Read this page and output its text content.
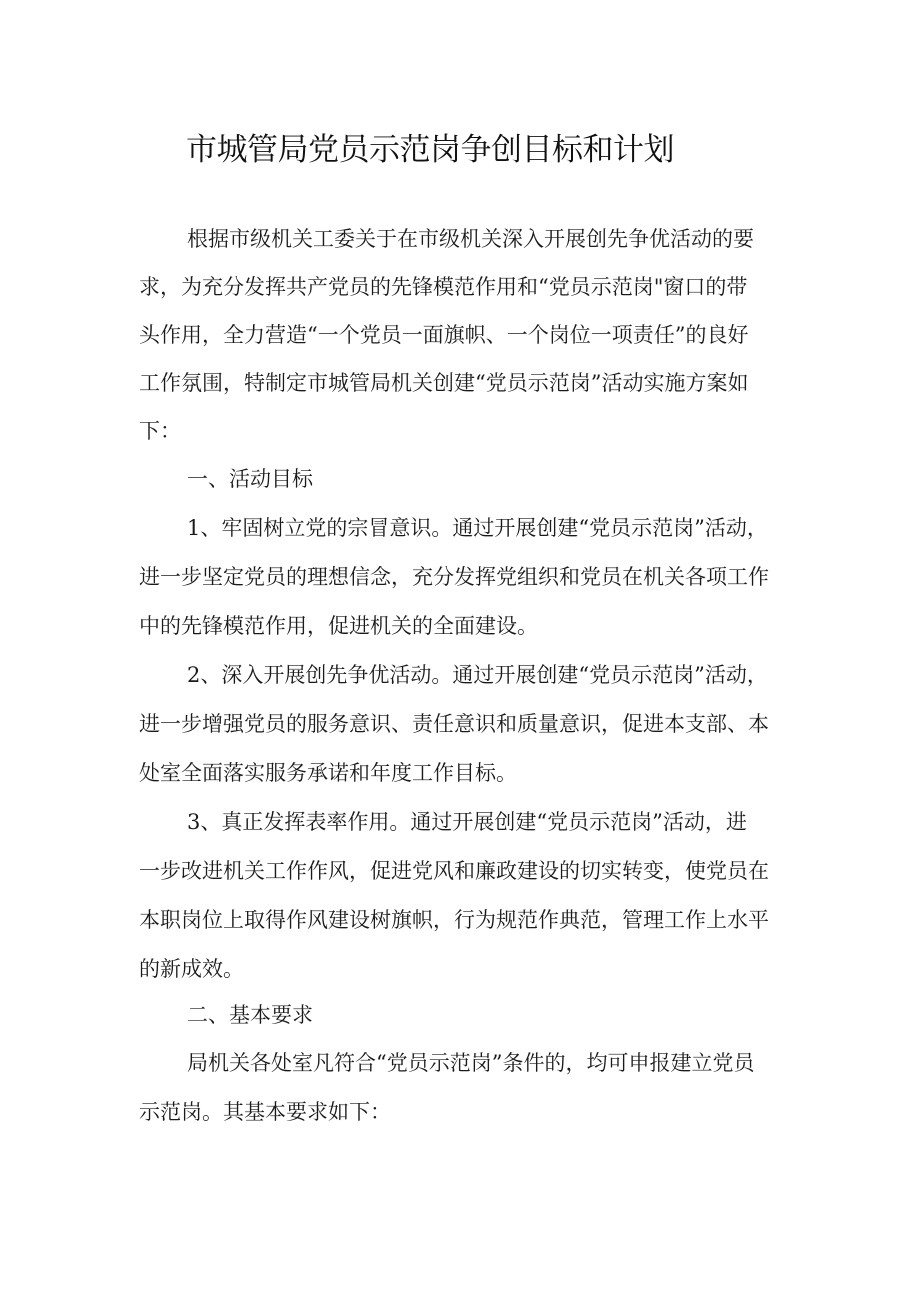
市城管局党员示范岗争创目标和计划
根据市级机关工委关于在市级机关深入开展创先争优活动的要
求，为充分发挥共产党员的先锋模范作用和“党员示范岗"窗口的带
头作用，全力营造“一个党员一面旗帜、一个岗位一项责任”的良好
工作氛围，特制定市城管局机关创建“党员示范岗”活动实施方案如
下：
一、活动目标
1、牢固树立党的宗冒意识。通过开展创建“党员示范岗”活动，
进一步坚定党员的理想信念，充分发挥党组织和党员在机关各项工作
中的先锋模范作用，促进机关的全面建设。
2、深入开展创先争优活动。通过开展创建“党员示范岗”活动，
进一步增强党员的服务意识、责任意识和质量意识，促进本支部、本
处室全面落实服务承诺和年度工作目标。
3、真正发挥表率作用。通过开展创建“党员示范岗”活动，进
一步改进机关工作作风，促进党风和廉政建设的切实转变，使党员在
本职岗位上取得作风建设树旗帜，行为规范作典范，管理工作上水平
的新成效。
二、基本要求
局机关各处室凡符合“党员示范岗”条件的，均可申报建立党员
示范岗。其基本要求如下：
